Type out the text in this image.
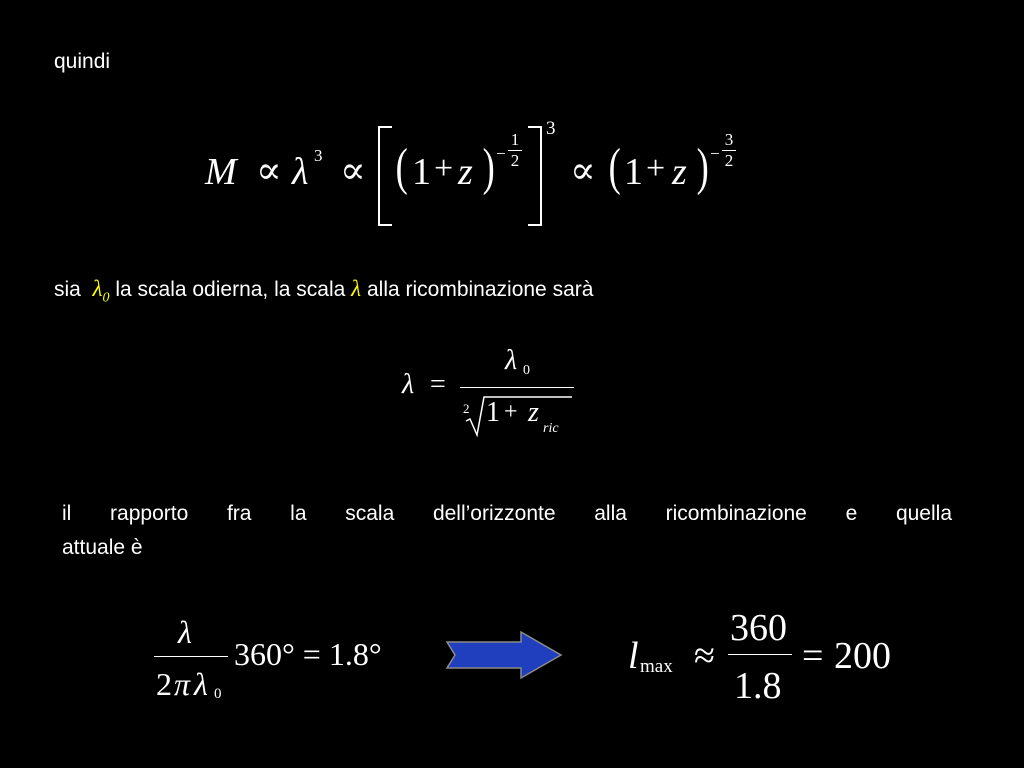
quindi
M ∝ λ 3 ∝ ( 1 + z ) −
1
2
3
∝ ( 1 + z ) −
3
2
sia $\lambda_0$ la scala odierna, la scala λ alla ricombinazione sarà
λ =
λ 0
2 1 + z
ric
il rapporto fra la scala dell’orizzonte alla ricombinazione e quella
attuale è
λ
2 π λ 0
360° = 1.8°	l max ≈
360
1.8
= 200
